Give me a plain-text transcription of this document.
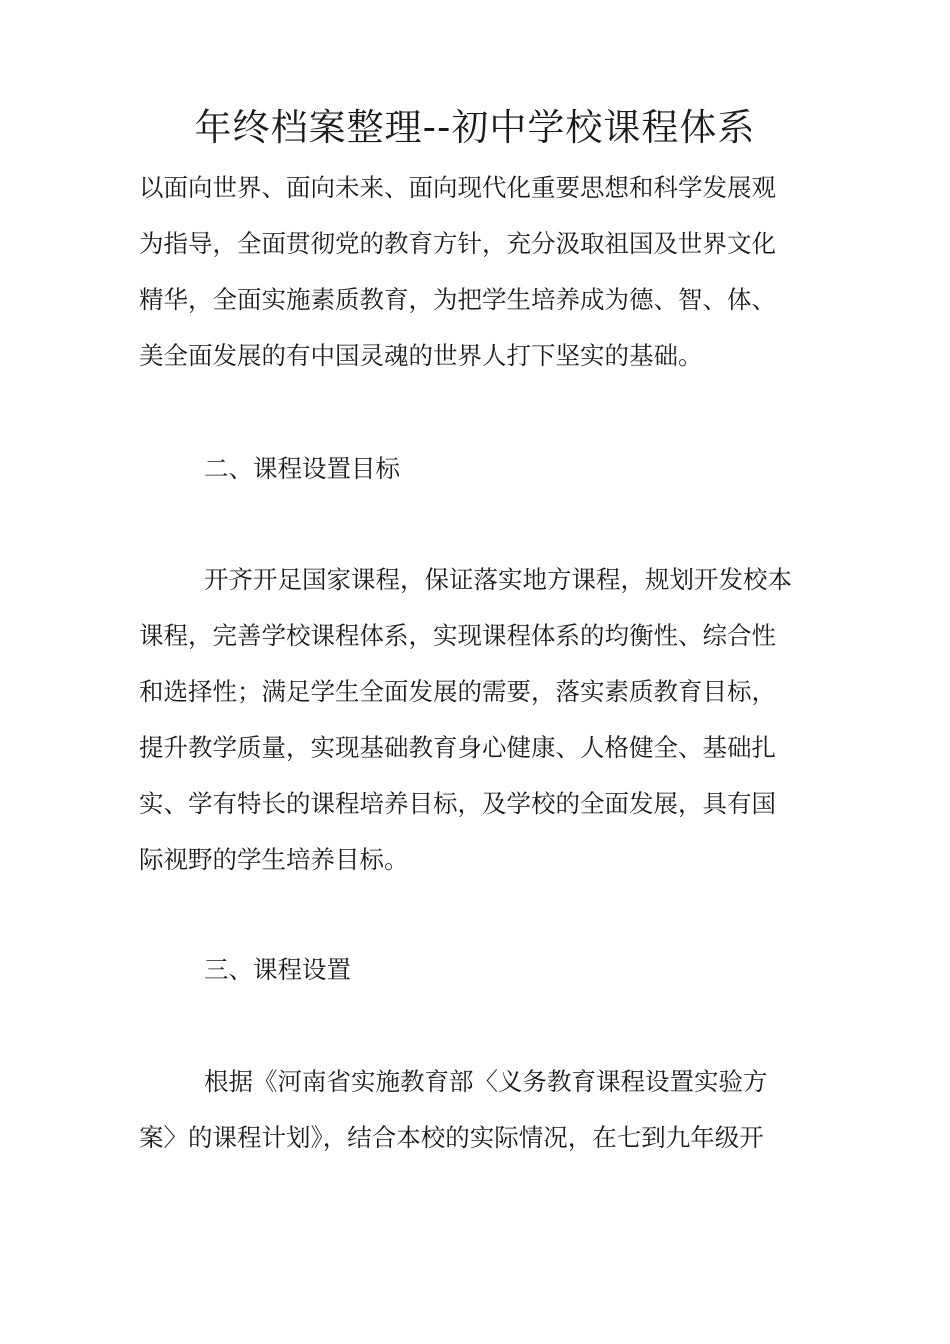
年终档案整理--初中学校课程体系
以面向世界、面向未来、面向现代化重要思想和科学发展观
为指导，全面贯彻党的教育方针，充分汲取祖国及世界文化
精华，全面实施素质教育，为把学生培养成为德、智、体、
美全面发展的有中国灵魂的世界人打下坚实的基础。
二、课程设置目标
开齐开足国家课程，保证落实地方课程，规划开发校本
课程，完善学校课程体系，实现课程体系的均衡性、综合性
和选择性；满足学生全面发展的需要，落实素质教育目标，
提升教学质量，实现基础教育身心健康、人格健全、基础扎
实、学有特长的课程培养目标，及学校的全面发展，具有国
际视野的学生培养目标。
三、课程设置
根据《河南省实施教育部〈义务教育课程设置实验方
案〉的课程计划》，结合本校的实际情况，在七到九年级开
